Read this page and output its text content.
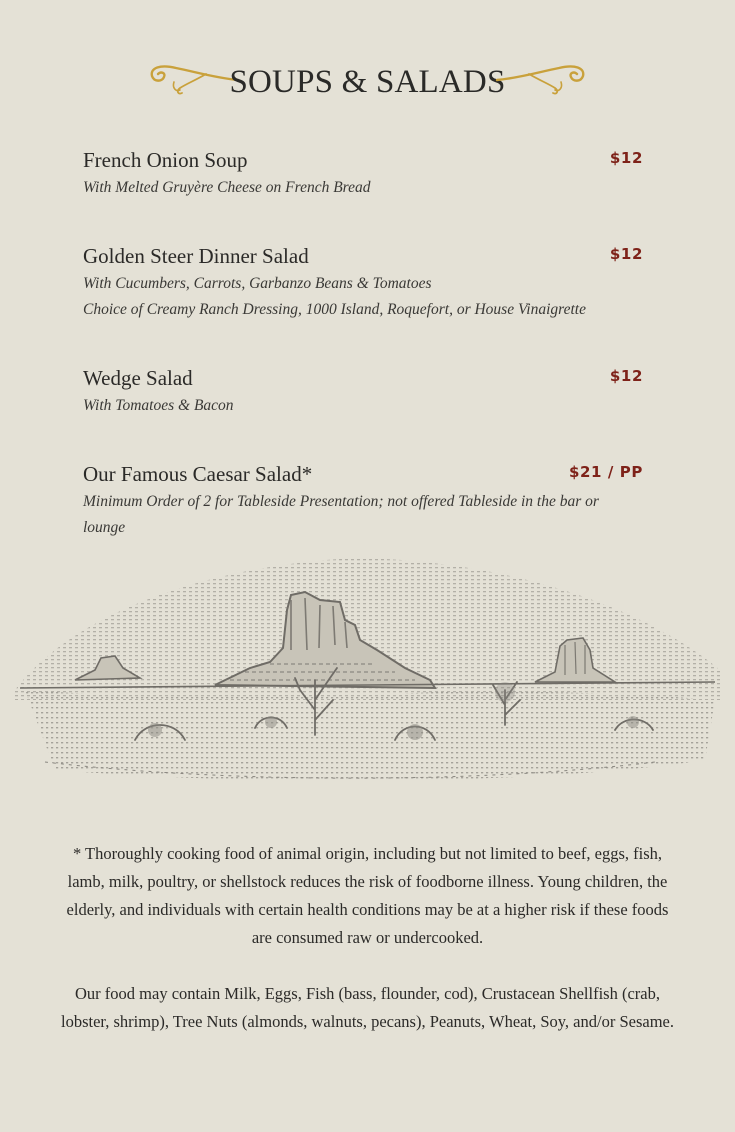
SOUPS & SALADS
French Onion Soup	$12
With Melted Gruyère Cheese on French Bread
Golden Steer Dinner Salad	$12
With Cucumbers, Carrots, Garbanzo Beans & Tomatoes
Choice of Creamy Ranch Dressing, 1000 Island, Roquefort, or House Vinaigrette
Wedge Salad	$12
With Tomatoes & Bacon
Our Famous Caesar Salad*	$21 / PP
Minimum Order of 2 for Tableside Presentation; not offered Tableside in the bar or lounge
* Thoroughly cooking food of animal origin, including but not limited to beef, eggs, fish, lamb, milk, poultry, or shellstock reduces the risk of foodborne illness. Young children, the elderly, and individuals with certain health conditions may be at a higher risk if these foods are consumed raw or undercooked.
Our food may contain Milk, Eggs, Fish (bass, flounder, cod), Crustacean Shellfish (crab, lobster, shrimp), Tree Nuts (almonds, walnuts, pecans), Peanuts, Wheat, Soy, and/or Sesame.
